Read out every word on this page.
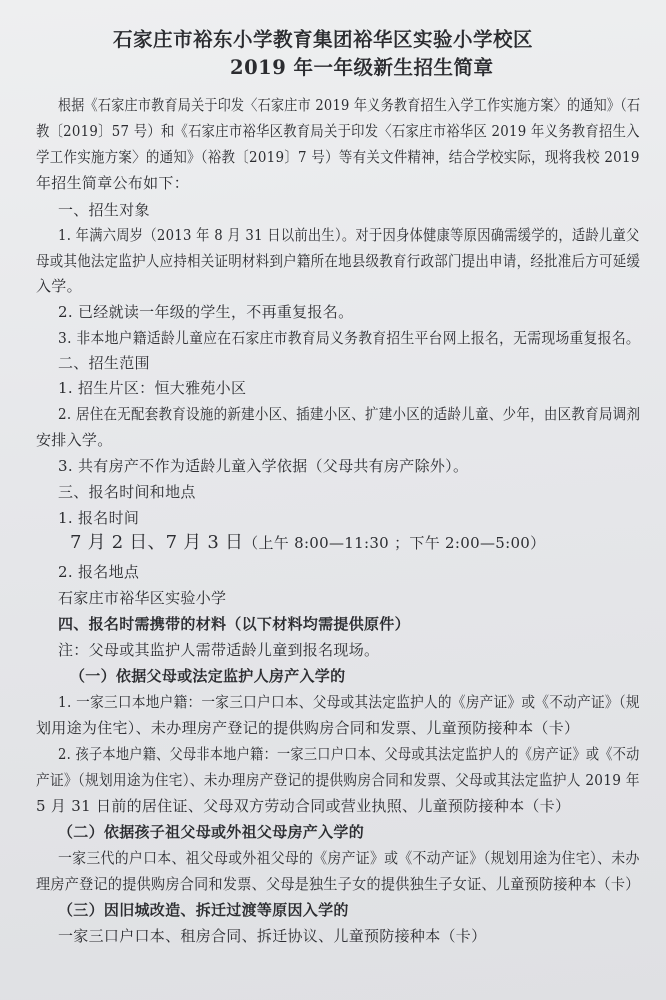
石家庄市裕东小学教育集团裕华区实验小学校区
2019 年一年级新生招生简章
根据《石家庄市教育局关于印发〈石家庄市 2019 年义务教育招生入学工作实施方案〉的通知》（石
教〔2019〕57 号）和《石家庄市裕华区教育局关于印发〈石家庄市裕华区 2019 年义务教育招生入
学工作实施方案〉的通知》（裕教〔2019〕7 号）等有关文件精神，结合学校实际，现将我校 2019
年招生简章公布如下：
一、招生对象
1. 年满六周岁（2013 年 8 月 31 日以前出生）。对于因身体健康等原因确需缓学的，适龄儿童父
母或其他法定监护人应持相关证明材料到户籍所在地县级教育行政部门提出申请，经批准后方可延缓
入学。
2. 已经就读一年级的学生，不再重复报名。
3. 非本地户籍适龄儿童应在石家庄市教育局义务教育招生平台网上报名，无需现场重复报名。
二、招生范围
1. 招生片区：恒大雅苑小区
2. 居住在无配套教育设施的新建小区、插建小区、扩建小区的适龄儿童、少年，由区教育局调剂
安排入学。
3. 共有房产不作为适龄儿童入学依据（父母共有房产除外）。
三、报名时间和地点
1. 报名时间
7 月 2 日、7 月 3 日（上午 8:00—11:30 ；下午 2:00—5:00）
2. 报名地点
石家庄市裕华区实验小学
四、报名时需携带的材料（以下材料均需提供原件）
注：父母或其监护人需带适龄儿童到报名现场。
（一）依据父母或法定监护人房产入学的
1. 一家三口本地户籍：一家三口户口本、父母或其法定监护人的《房产证》或《不动产证》（规
划用途为住宅）、未办理房产登记的提供购房合同和发票、儿童预防接种本（卡）
2. 孩子本地户籍、父母非本地户籍：一家三口户口本、父母或其法定监护人的《房产证》或《不动
产证》（规划用途为住宅）、未办理房产登记的提供购房合同和发票、父母或其法定监护人 2019 年
5 月 31 日前的居住证、父母双方劳动合同或营业执照、儿童预防接种本（卡）
（二）依据孩子祖父母或外祖父母房产入学的
一家三代的户口本、祖父母或外祖父母的《房产证》或《不动产证》（规划用途为住宅）、未办
理房产登记的提供购房合同和发票、父母是独生子女的提供独生子女证、儿童预防接种本（卡）
（三）因旧城改造、拆迁过渡等原因入学的
一家三口户口本、租房合同、拆迁协议、儿童预防接种本（卡）
